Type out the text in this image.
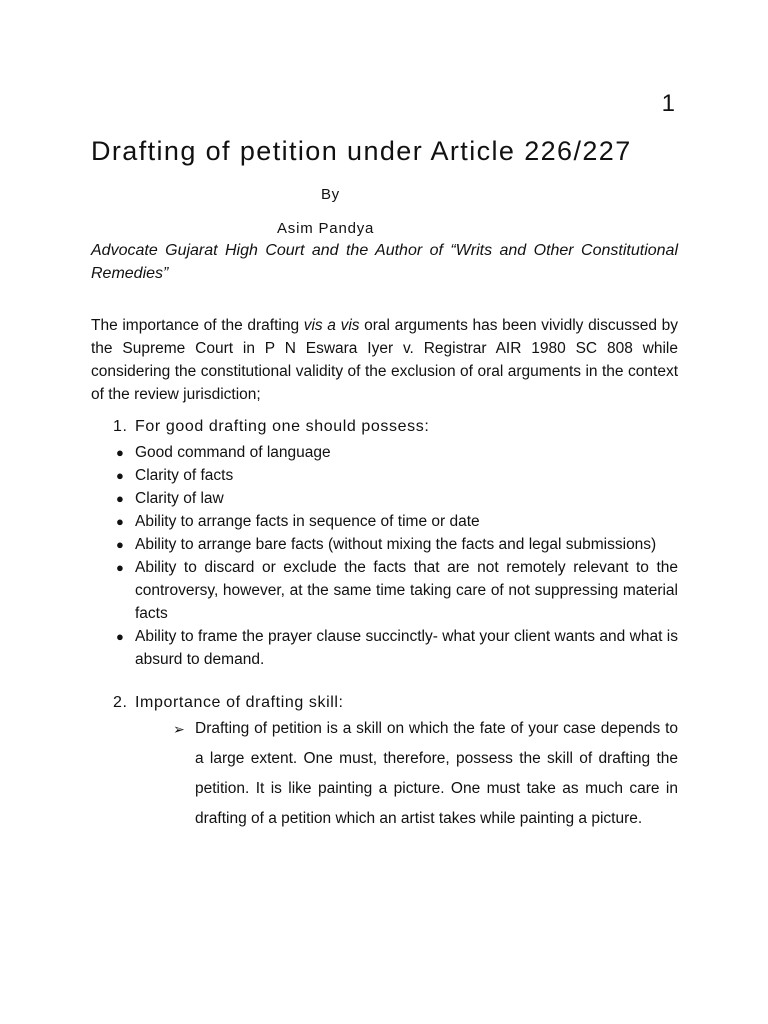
1
Drafting of petition under Article 226/227
By
Asim Pandya
Advocate Gujarat High Court and the Author of “Writs and Other Constitutional Remedies”

The importance of the drafting vis a vis oral arguments has been vividly discussed by the Supreme Court in P N Eswara Iyer v. Registrar AIR 1980 SC 808 while considering the constitutional validity of the exclusion of oral arguments in the context of the review jurisdiction;

1. For good drafting one should possess:
● Good command of language
● Clarity of facts
● Clarity of law
● Ability to arrange facts in sequence of time or date
● Ability to arrange bare facts (without mixing the facts and legal submissions)
● Ability to discard or exclude the facts that are not remotely relevant to the controversy, however, at the same time taking care of not suppressing material facts
● Ability to frame the prayer clause succinctly- what your client wants and what is absurd to demand.
2. Importance of drafting skill:
➢ Drafting of petition is a skill on which the fate of your case depends to a large extent. One must, therefore, possess the skill of drafting the petition. It is like painting a picture. One must take as much care in drafting of a petition which an artist takes while painting a picture.
